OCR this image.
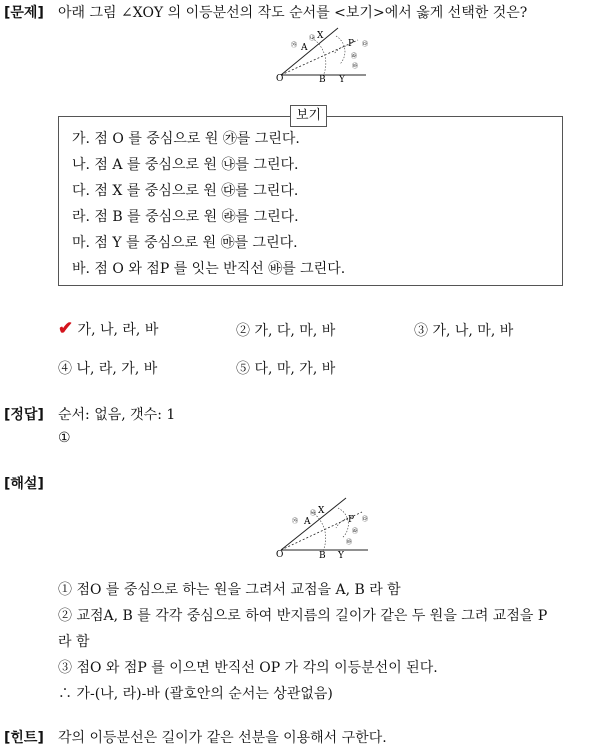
[문제] 아래 그림 ∠XOY 의 이등분선의 작도 순서를 <보기>에서 옳게 선택한 것은?
O
A
B
X
Y
P
㉮
㉯
㉰
㉱
㉲
보기
가. 점 O 를 중심으로 원 ㉮를 그린다.
나. 점 A 를 중심으로 원 ㉯를 그린다.
다. 점 X 를 중심으로 원 ㉰를 그린다.
라. 점 B 를 중심으로 원 ㉱를 그린다.
마. 점 Y 를 중심으로 원 ㉲를 그린다.
바. 점 O 와 점P 를 잇는 반직선 ㉳를 그린다.
✔ 가, 나, 라, 바	② 가, 다, 마, 바	③ 가, 나, 마, 바
④ 나, 라, 가, 바	⑤ 다, 마, 가, 바
[정답] 순서: 없음, 갯수: 1
①
[해설]
O
A
B
X
Y
P
㉮
㉯
㉰
㉱
㉲
① 점O 를 중심으로 하는 원을 그려서 교점을 A, B 라 함
② 교점A, B 를 각각 중심으로 하여 반지름의 길이가 같은 두 원을 그려 교점을 P
라 함
③ 점O 와 점P 를 이으면 반직선 OP 가 각의 이등분선이 된다.
∴ 가-(나, 라)-바 (괄호안의 순서는 상관없음)
[힌트] 각의 이등분선은 길이가 같은 선분을 이용해서 구한다.
